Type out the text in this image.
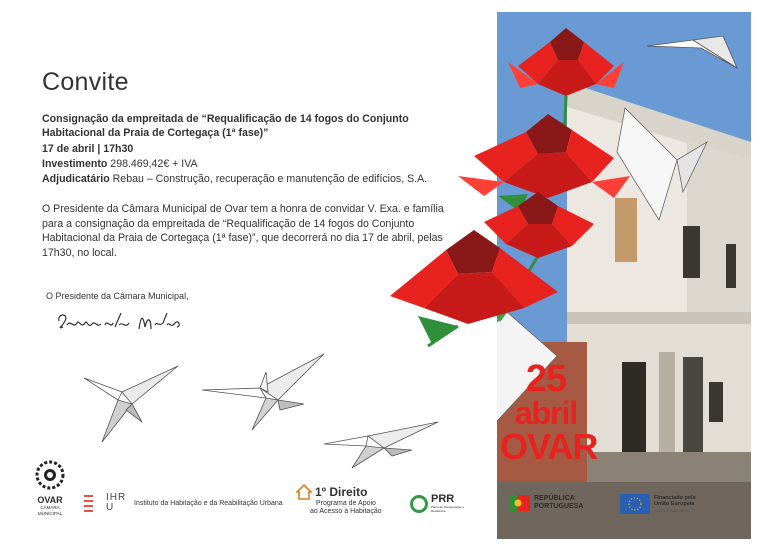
Convite
Consignação da empreitada de “Requalificação de 14 fogos do Conjunto Habitacional da Praia de Cortegaça (1ª fase)”
17 de abril | 17h30
Investimento 298.469,42€ + IVA
Adjudicatário Rebau – Construção, recuperação e manutenção de edifícios, S.A.
O Presidente da Câmara Municipal de Ovar tem a honra de convidar V. Exa. e família para a consignação da empreitada de “Requalificação de 14 fogos do Conjunto Habitacional da Praia de Cortegaça (1ª fase)”, que decorrerá no dia 17 de abril, pelas 17h30, no local.
O Presidente da Câmara Municipal,
25
abril
OVAR
OVAR
CÂMARA MUNICIPAL
IHRU	Instituto da Habitação e da Reabilitação Urbana
1º Direito
Programa de Apoio
ao Acesso à Habitação
PRR
Plano de Recuperação e Resiliência
REPÚBLICA
PORTUGUESA
Financiado pela
União Europeia
NextGenerationEU
